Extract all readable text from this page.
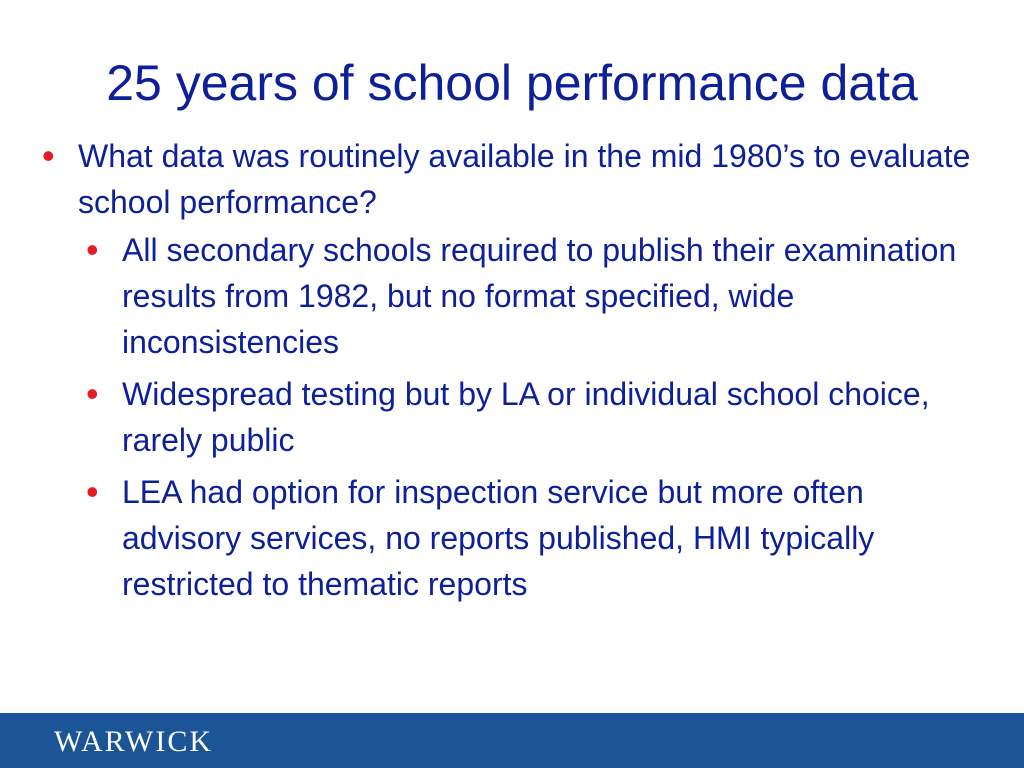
25 years of school performance data
• What data was routinely available in the mid 1980’s to evaluate school performance?
• All secondary schools required to publish their examination results from 1982, but no format specified, wide inconsistencies
• Widespread testing but by LA or individual school choice, rarely public
• LEA had option for inspection service but more often advisory services, no reports published, HMI typically restricted to thematic reports
WARWICK
